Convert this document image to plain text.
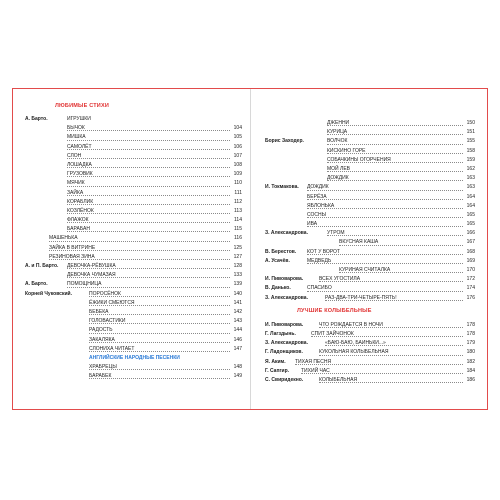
ЛЮБИМЫЕ СТИХИ
А. Барто.	ИГРУШКИ
БЫЧОК	104
МИШКА	105
САМОЛЁТ	106
СЛОН	107
ЛОШАДКА	108
ГРУЗОВИК	109
МЯЧИК	110
ЗАЙКА	111
КОРАБЛИК	112
КОЗЛЁНОК	113
ФЛАЖОК	114
БАРАБАН	115
МАШЕНЬКА	116
ЗАЙКА В ВИТРИНЕ	125
РЕЗИНОВАЯ ЗИНА	127
А. и П. Барто. ДЕВОЧКА-РЁВУШКА	128
ДЕВОЧКА ЧУМАЗАЯ	133
А. Барто.	ПОМОЩНИЦА	139
Корней Чуковский.	ПОРОСЁНОК	140
ЁЖИКИ СМЕЮТСЯ	141
БЕБЕКА	142
ГОЛОВАСТИКИ	143
РАДОСТЬ	144
ЗАКАЛЯКА	146
СЛОНИХА ЧИТАЕТ	147
АНГЛИЙСКИЕ НАРОДНЫЕ ПЕСЕНКИ
ХРАБРЕЦЫ	148
БАРАБЕК	149
ДЖЕННИ	150
КУРИЦА	151
Борис Заходер.	ВОЛЧОК	155
КИСКИНО ГОРЕ	158
СОБАЧКИНЫ ОГОРЧЕНИЯ	159
МОЙ ЛЕВ	162
ДОЖДИК	163
И. Токмакова. ДОЖДИК	163
БЕРЁЗА	164
ЯБЛОНЬКА	164
СОСНЫ	165
ИВА	165
З. Александрова.	УТРОМ	166
ВКУСНАЯ КАША	167
В. Берестов. КОТ У ВОРОТ	168
А. Усачёв.	МЕДВЕДЬ	169
КУРИНАЯ СЧИТАЛКА	170
И. Пивоварова.	ВСЕХ УГОСТИЛА	172
В. Данько.	СПАСИБО	174
З. Александрова.	РАЗ-ДВА-ТРИ-ЧЕТЫРЕ-ПЯТЬ!	176
ЛУЧШИЕ КОЛЫБЕЛЬНЫЕ
И. Пивоварова.	ЧТО РОЖДАЕТСЯ В НОЧИ	178
Г. Лагздынь.	СПИТ ЗАЙЧОНОК	178
З. Александрова.	«БАЮ-БАЮ, БАИНЬКИ...»	179
Г. Ладонщиков.	КУКОЛЬНАЯ КОЛЫБЕЛЬНАЯ	180
Я. Аким. ТИХАЯ ПЕСНЯ	182
Г. Сапгир. ТИХИЙ ЧАС	184
С. Свиридекно.	КОЛЫБЕЛЬНАЯ	186
